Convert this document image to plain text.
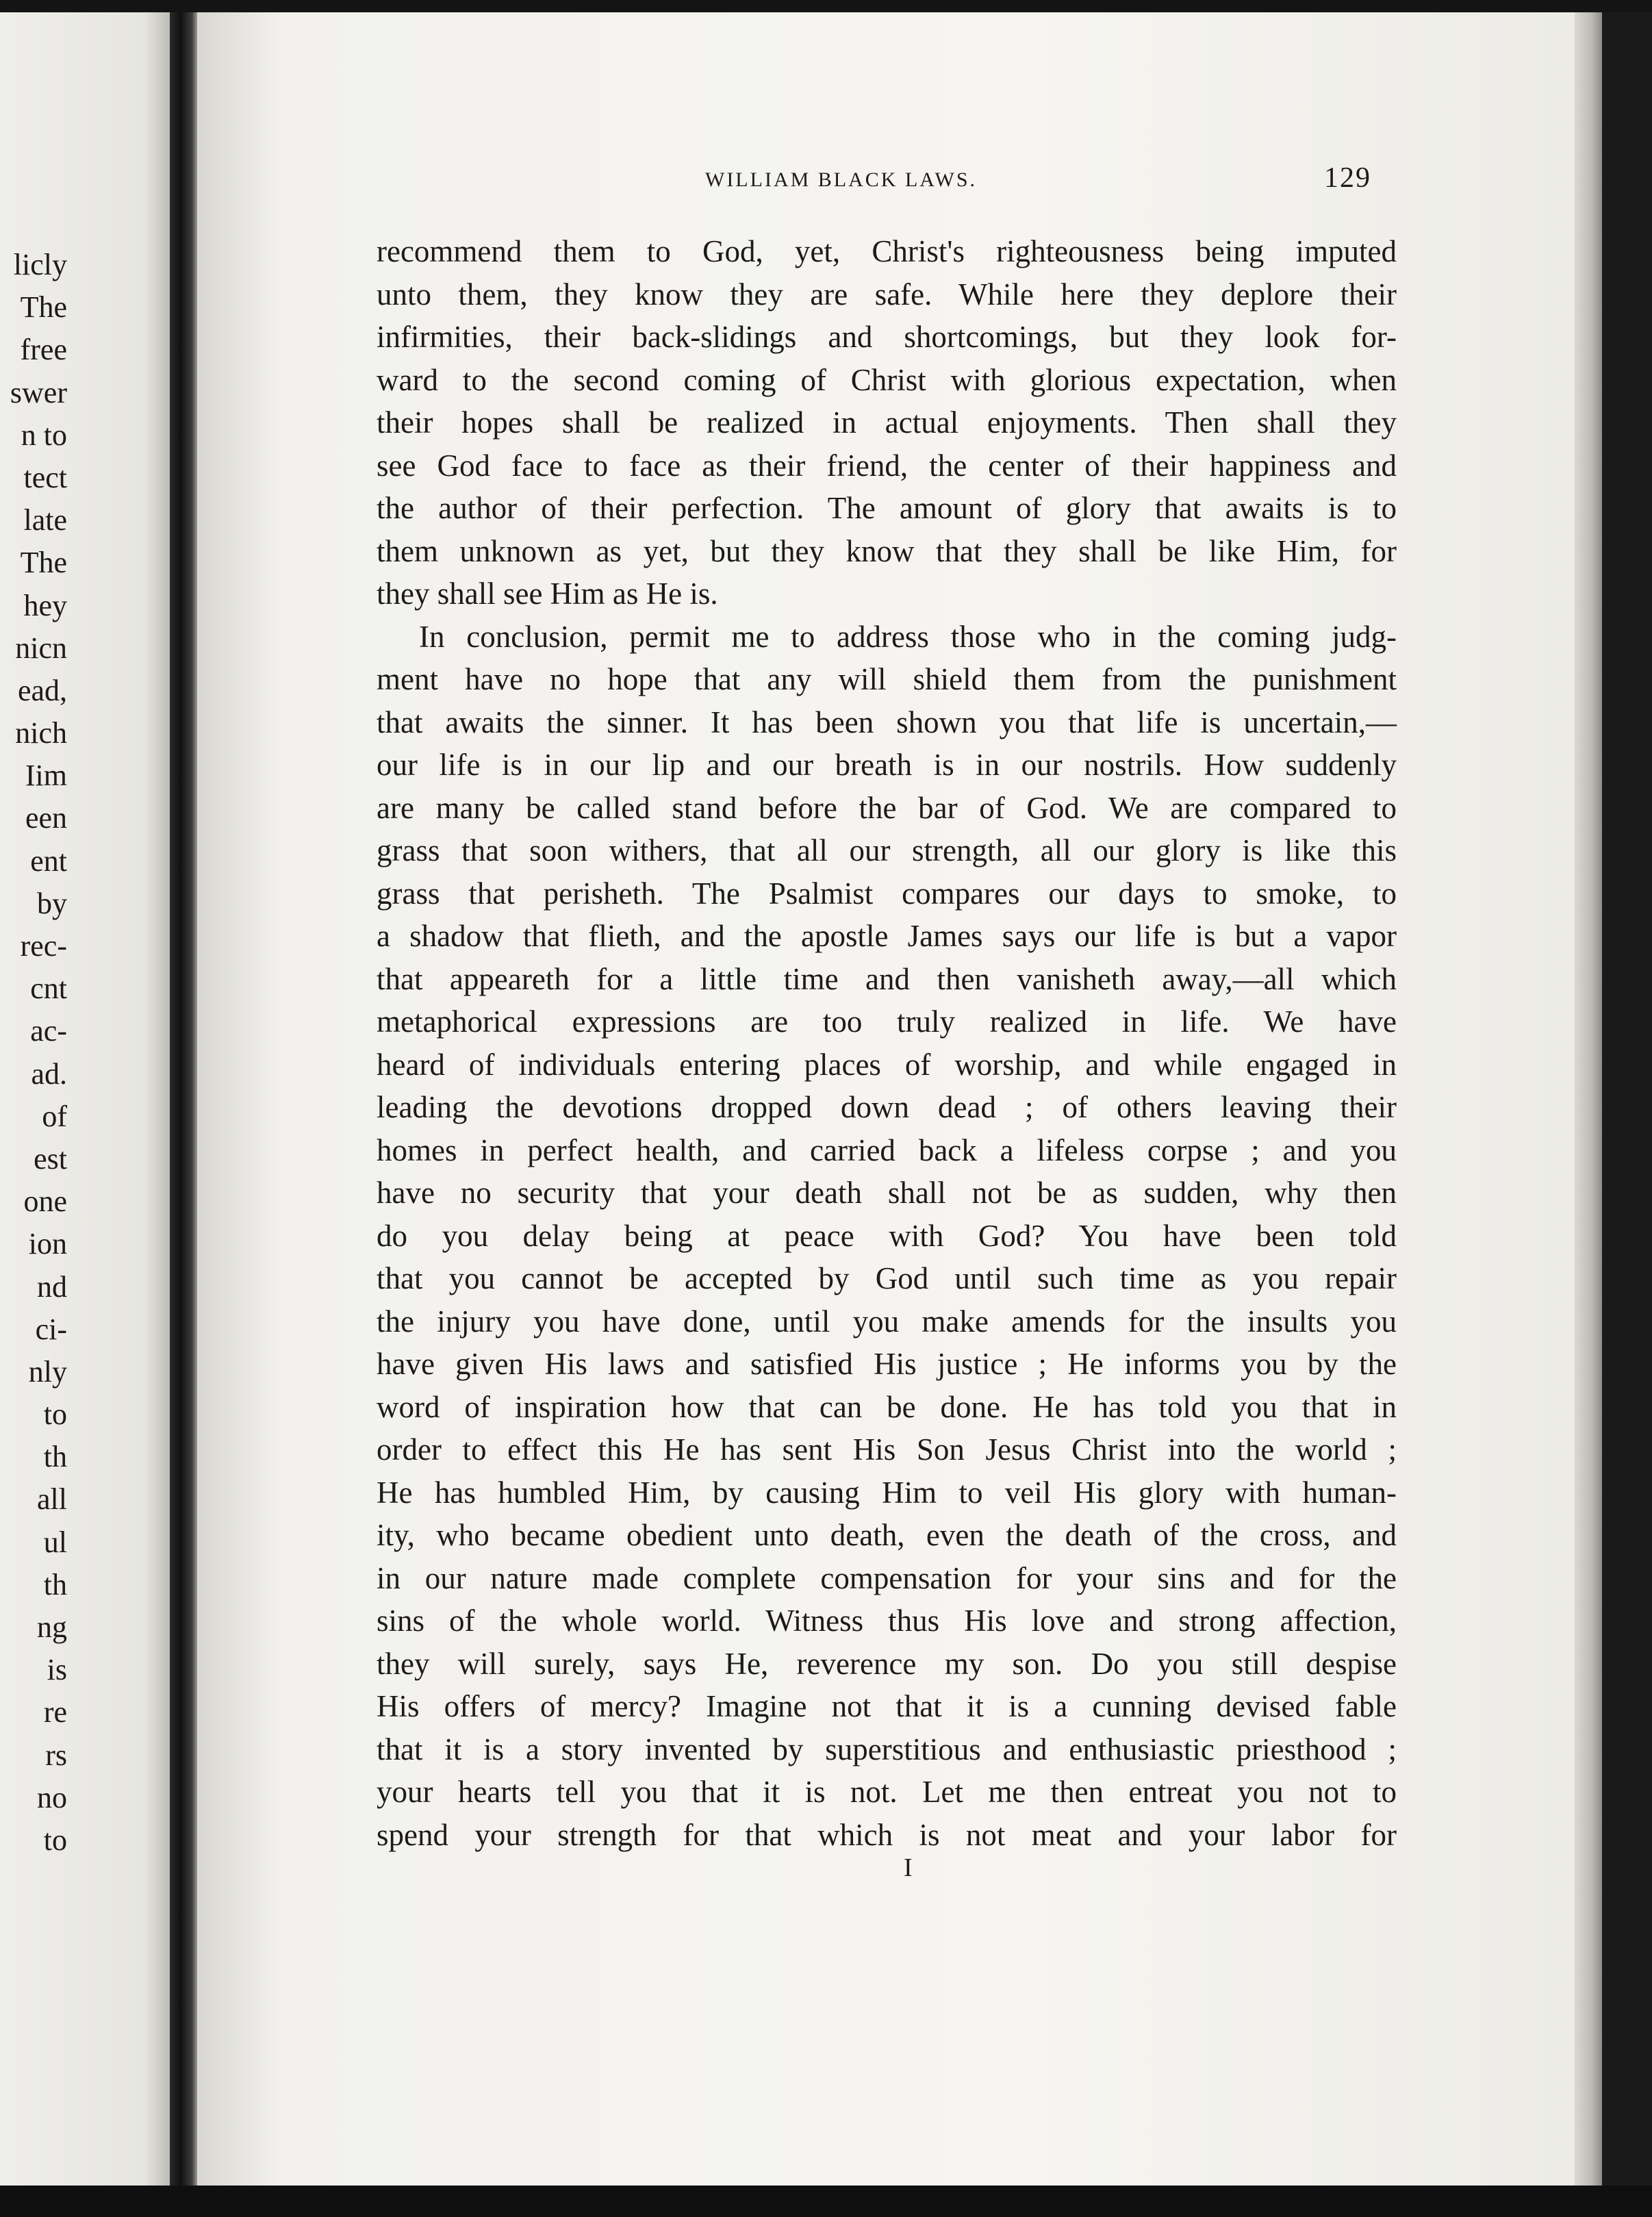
licly
The
free
swer
n to
tect
late
The
hey
nicn
ead,
nich
Iim
een
ent
by
rec-
cnt
ac-
ad.
of
est
one
ion
nd
ci-
nly
to
th
all
ul
th
ng
is
re
rs
no
to
WILLIAM BLACK LAWS.	129
recommend them to God, yet, Christ's righteousness being imputed
unto them, they know they are safe. While here they deplore their
infirmities, their back-slidings and shortcomings, but they look for-
ward to the second coming of Christ with glorious expectation, when
their hopes shall be realized in actual enjoyments. Then shall they
see God face to face as their friend, the center of their happiness and
the author of their perfection. The amount of glory that awaits is to
them unknown as yet, but they know that they shall be like Him, for
they shall see Him as He is.
In conclusion, permit me to address those who in the coming judg-
ment have no hope that any will shield them from the punishment
that awaits the sinner. It has been shown you that life is uncertain,—
our life is in our lip and our breath is in our nostrils. How suddenly
are many be called stand before the bar of God. We are compared to
grass that soon withers, that all our strength, all our glory is like this
grass that perisheth. The Psalmist compares our days to smoke, to
a shadow that flieth, and the apostle James says our life is but a vapor
that appeareth for a little time and then vanisheth away,—all which
metaphorical expressions are too truly realized in life. We have
heard of individuals entering places of worship, and while engaged in
leading the devotions dropped down dead ; of others leaving their
homes in perfect health, and carried back a lifeless corpse ; and you
have no security that your death shall not be as sudden, why then
do you delay being at peace with God? You have been told
that you cannot be accepted by God until such time as you repair
the injury you have done, until you make amends for the insults you
have given His laws and satisfied His justice ; He informs you by the
word of inspiration how that can be done. He has told you that in
order to effect this He has sent His Son Jesus Christ into the world ;
He has humbled Him, by causing Him to veil His glory with human-
ity, who became obedient unto death, even the death of the cross, and
in our nature made complete compensation for your sins and for the
sins of the whole world. Witness thus His love and strong affection,
they will surely, says He, reverence my son. Do you still despise
His offers of mercy? Imagine not that it is a cunning devised fable
that it is a story invented by superstitious and enthusiastic priesthood ;
your hearts tell you that it is not. Let me then entreat you not to
spend your strength for that which is not meat and your labor for
I
